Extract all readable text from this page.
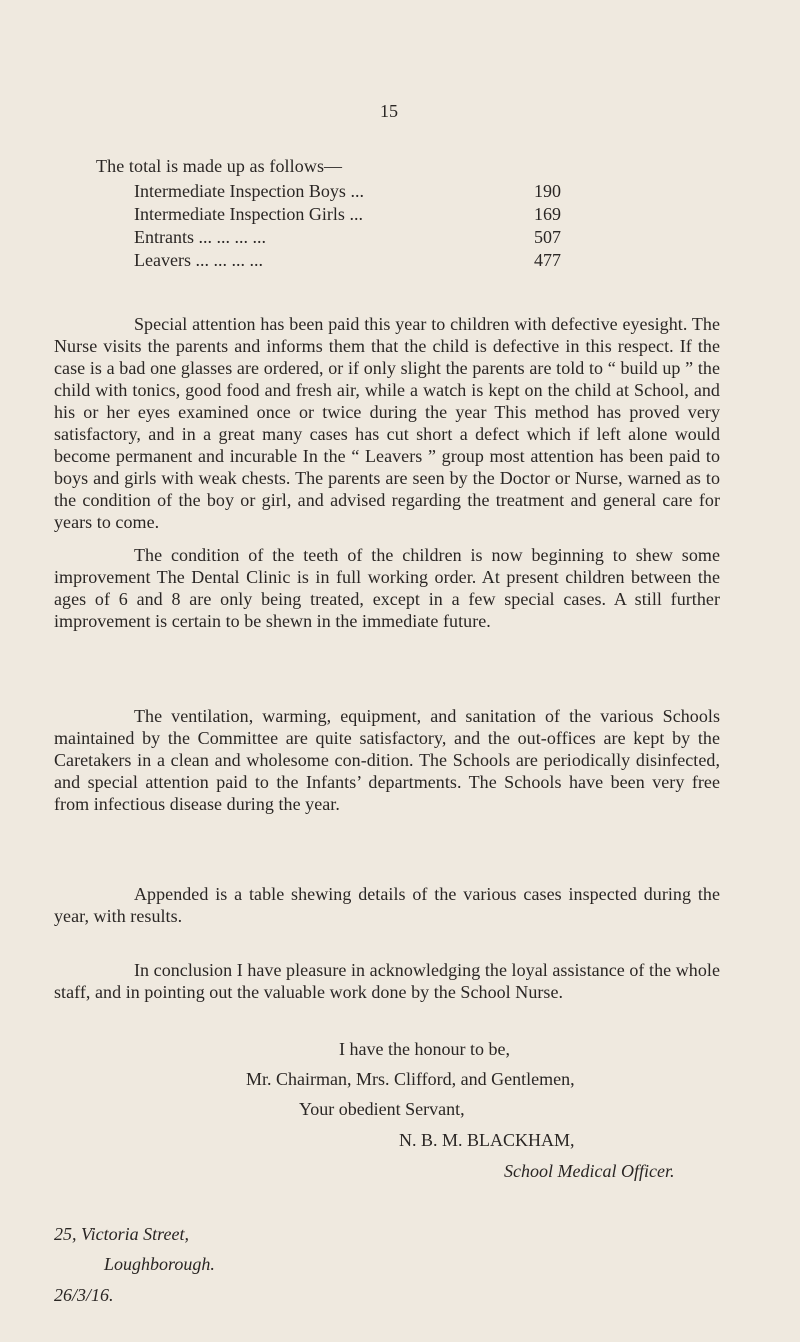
15
The total is made up as follows—
Intermediate Inspection Boys ...	190
Intermediate Inspection Girls ...	169
Entrants ... ... ... ...	507
Leavers ... ... ... ...	477

Special attention has been paid this year to children with defective eyesight. The Nurse visits the parents and informs them that the child is defective in this respect. If the case is a bad one glasses are ordered, or if only slight the parents are told to “ build up ” the child with tonics, good food and fresh air, while a watch is kept on the child at School, and his or her eyes examined once or twice during the year This method has proved very satisfactory, and in a great many cases has cut short a defect which if left alone would become permanent and incurable In the “ Leavers ” group most attention has been paid to boys and girls with weak chests. The parents are seen by the Doctor or Nurse, warned as to the condition of the boy or girl, and advised regarding the treatment and general care for years to come.

The condition of the teeth of the children is now beginning to shew some improvement The Dental Clinic is in full working order. At present children between the ages of 6 and 8 are only being treated, except in a few special cases. A still further improvement is certain to be shewn in the immediate future.

The ventilation, warming, equipment, and sanitation of the various Schools maintained by the Committee are quite satisfactory, and the out-offices are kept by the Caretakers in a clean and wholesome con-dition. The Schools are periodically disinfected, and special attention paid to the Infants’ departments. The Schools have been very free from infectious disease during the year.

Appended is a table shewing details of the various cases inspected during the year, with results.

In conclusion I have pleasure in acknowledging the loyal assistance of the whole staff, and in pointing out the valuable work done by the School Nurse.

I have the honour to be,
Mr. Chairman, Mrs. Clifford, and Gentlemen,
Your obedient Servant,
N. B. M. BLACKHAM,
School Medical Officer.
25, Victoria Street,
Loughborough.
26/3/16.
